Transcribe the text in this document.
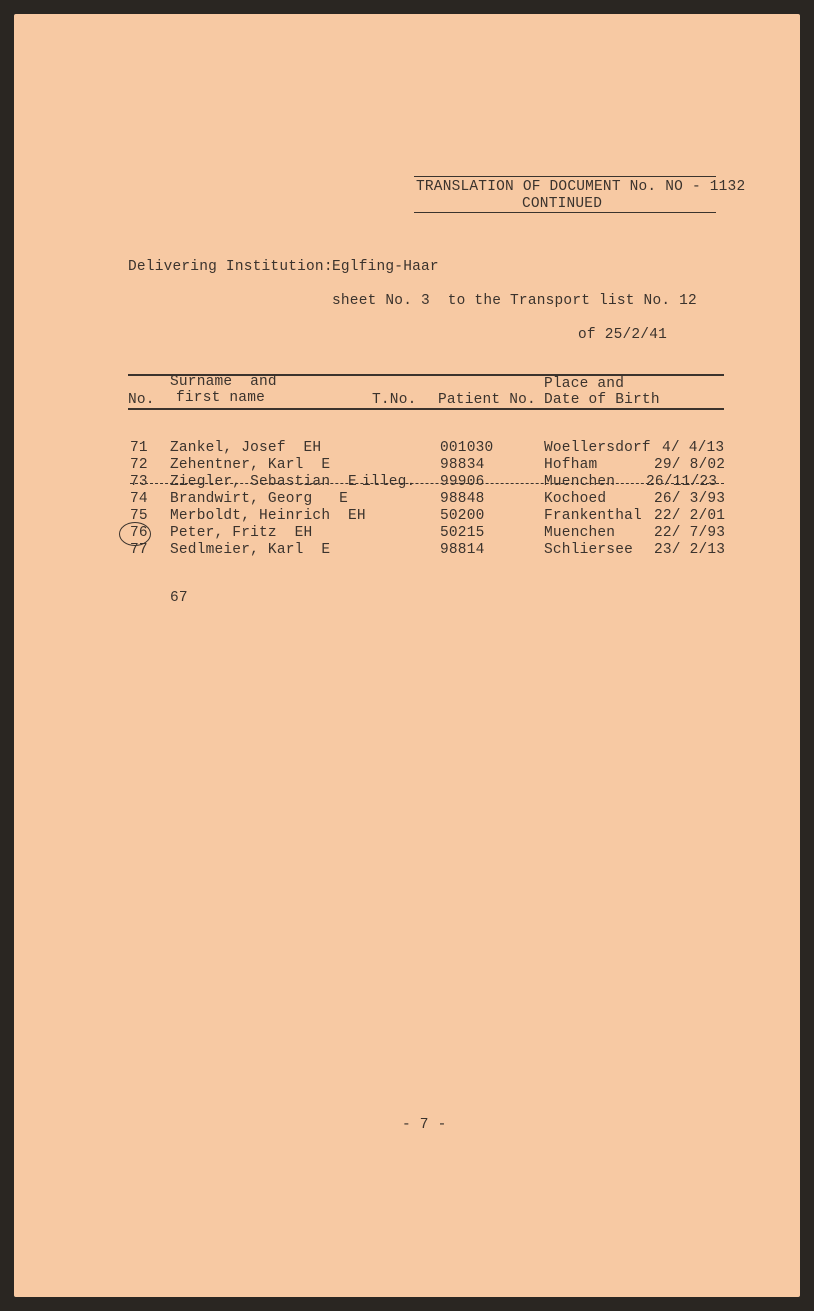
TRANSLATION OF DOCUMENT No. NO - 1132
CONTINUED
Delivering Institution: Eglfing-Haar
sheet No. 3  to the Transport list No. 12
of 25/2/41
Surname  and	Place and
No. first name	T.No. Patient No. Date of Birth
71 Zankel, Josef  EH	001030	Woellersdorf 4/ 4/13
72 Zehentner, Karl  E	98834	Hofham	29/ 8/02
73 Ziegler, Sebastian  E illeg. 99906	Muenchen 26/11/23
74 Brandwirt, Georg   E	98848	Kochoed	26/ 3/93
75 Merboldt, Heinrich  EH	50200	Frankenthal 22/ 2/01
76 Peter, Fritz  EH	50215	Muenchen	22/ 7/93
77 Sedlmeier, Karl  E	98814	Schliersee 23/ 2/13
67
- 7 -
